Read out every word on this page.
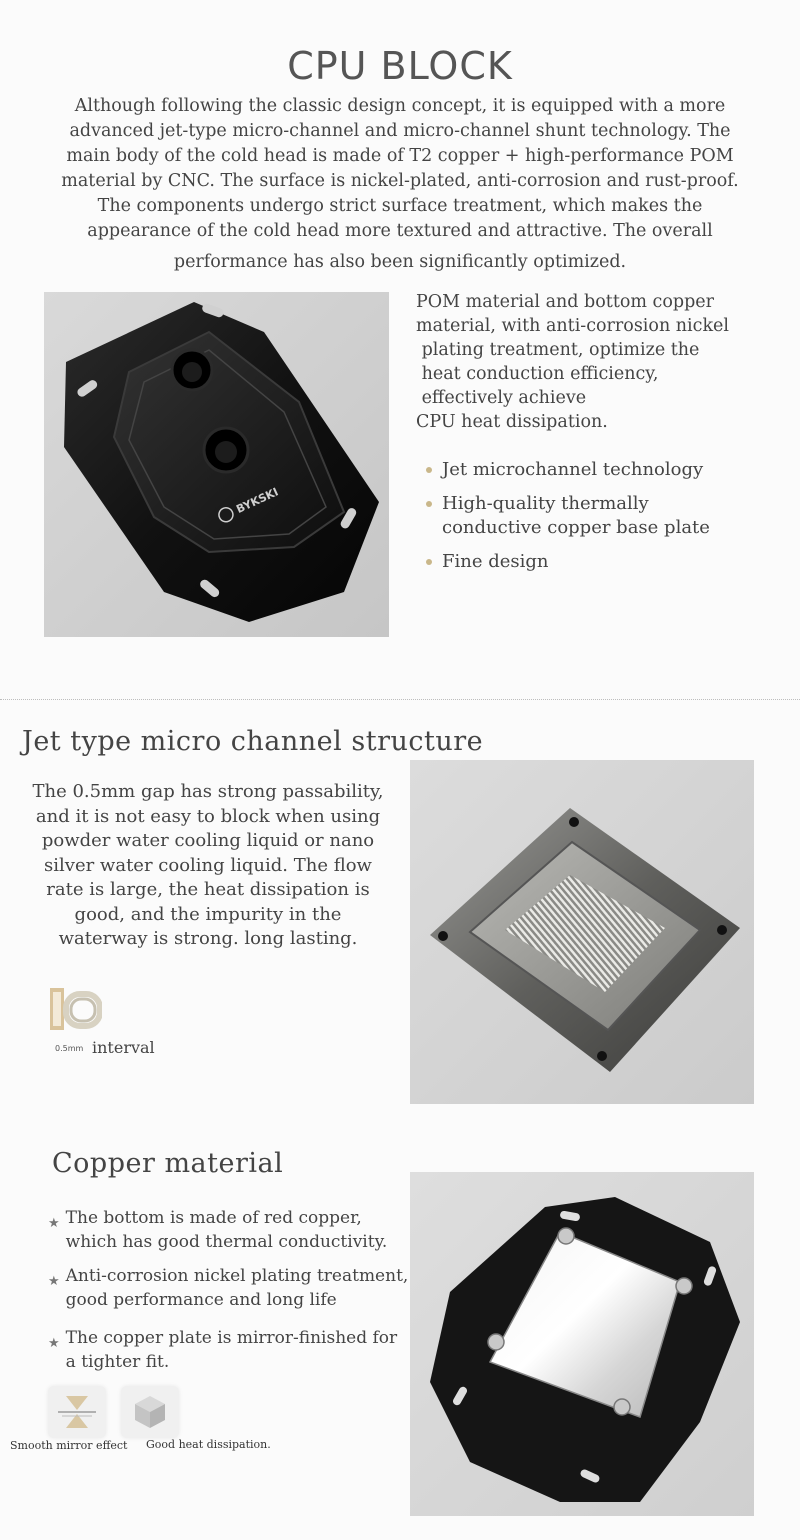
CPU BLOCK
Although following the classic design concept, it is equipped with a more
advanced jet-type micro-channel and micro-channel shunt technology. The
main body of the cold head is made of T2 copper + high-performance POM
material by CNC. The surface is nickel-plated, anti-corrosion and rust-proof.
The components undergo strict surface treatment, which makes the
appearance of the cold head more textured and attractive. The overall
performance has also been significantly optimized.
BYKSKI
POM material and bottom copper
material, with anti-corrosion nickel
plating treatment, optimize the
heat conduction efficiency,
effectively achieve
CPU heat dissipation.
Jet microchannel technology
High-quality thermally
conductive copper base plate
Fine design
Jet type micro channel structure
The 0.5mm gap has strong passability,
and it is not easy to block when using
powder water cooling liquid or nano
silver water cooling liquid. The flow
rate is large, the heat dissipation is
good, and the impurity in the
waterway is strong. long lasting.
0.5mm interval
Copper material
★ The bottom is made of red copper,
which has good thermal conductivity.
★ Anti-corrosion nickel plating treatment,
good performance and long life
★ The copper plate is mirror-finished for
a tighter fit.
Smooth mirror effect Good heat dissipation.
